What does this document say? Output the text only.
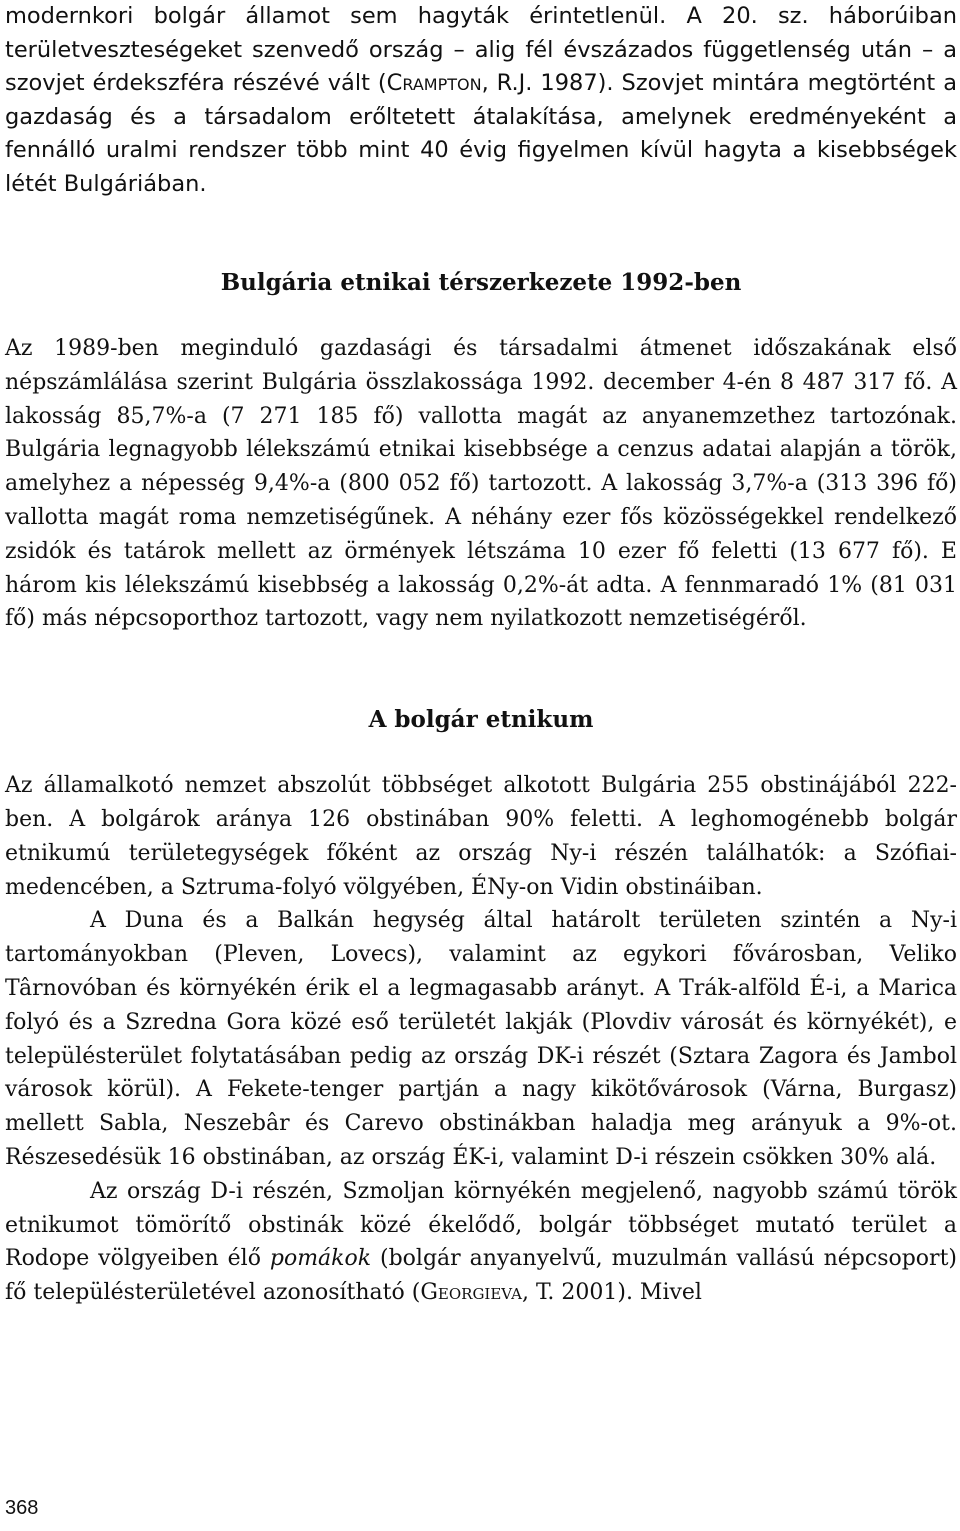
modernkori bolgár államot sem hagyták érintetlenül. A 20. sz. háborúiban területveszteségeket szenvedő ország – alig fél évszázados függetlenség után – a szovjet érdekszféra részévé vált (Crampton, R.J. 1987). Szovjet mintára megtörtént a gazdaság és a társadalom erőltetett átalakítása, amelynek eredményeként a fennálló uralmi rendszer több mint 40 évig figyelmen kívül hagyta a kisebbségek létét Bulgáriában.

Bulgária etnikai térszerkezete 1992-ben

Az 1989-ben meginduló gazdasági és társadalmi átmenet időszakának első népszámlálása szerint Bulgária összlakossága 1992. december 4-én 8 487 317 fő. A lakosság 85,7%-a (7 271 185 fő) vallotta magát az anyanemzethez tartozónak. Bulgária legnagyobb lélekszámú etnikai kisebbsége a cenzus adatai alapján a török, amelyhez a népesség 9,4%-a (800 052 fő) tartozott. A lakosság 3,7%-a (313 396 fő) vallotta magát roma nemzetiségűnek. A néhány ezer fős közösségekkel rendelkező zsidók és tatárok mellett az örmények létszáma 10 ezer fő feletti (13 677 fő). E három kis lélekszámú kisebbség a lakosság 0,2%-át adta. A fennmaradó 1% (81 031 fő) más népcsoporthoz tartozott, vagy nem nyilatkozott nemzetiségéről.

A bolgár etnikum

Az államalkotó nemzet abszolút többséget alkotott Bulgária 255 obstinájából 222-ben. A bolgárok aránya 126 obstinában 90% feletti. A leghomogénebb bolgár etnikumú területegységek főként az ország Ny-i részén találhatók: a Szófiai-medencében, a Sztruma-folyó völgyében, ÉNy-on Vidin obstináiban.

A Duna és a Balkán hegység által határolt területen szintén a Ny-i tartományokban (Pleven, Lovecs), valamint az egykori fővárosban, Veliko Târnovóban és környékén érik el a legmagasabb arányt. A Trák-alföld É-i, a Marica folyó és a Szredna Gora közé eső területét lakják (Plovdiv városát és környékét), e településterület folytatásában pedig az ország DK-i részét (Sztara Zagora és Jambol városok körül). A Fekete-tenger partján a nagy kikötővárosok (Várna, Burgasz) mellett Sabla, Neszebâr és Carevo obstinákban haladja meg arányuk a 9%-ot. Részesedésük 16 obstinában, az ország ÉK-i, valamint D-i részein csökken 30% alá.

Az ország D-i részén, Szmoljan környékén megjelenő, nagyobb számú török etnikumot tömörítő obstinák közé ékelődő, bolgár többséget mutató terület a Rodope völgyeiben élő pomákok (bolgár anyanyelvű, muzulmán vallású népcsoport) fő településterületével azonosítható (Georgieva, T. 2001). Mivel

368
